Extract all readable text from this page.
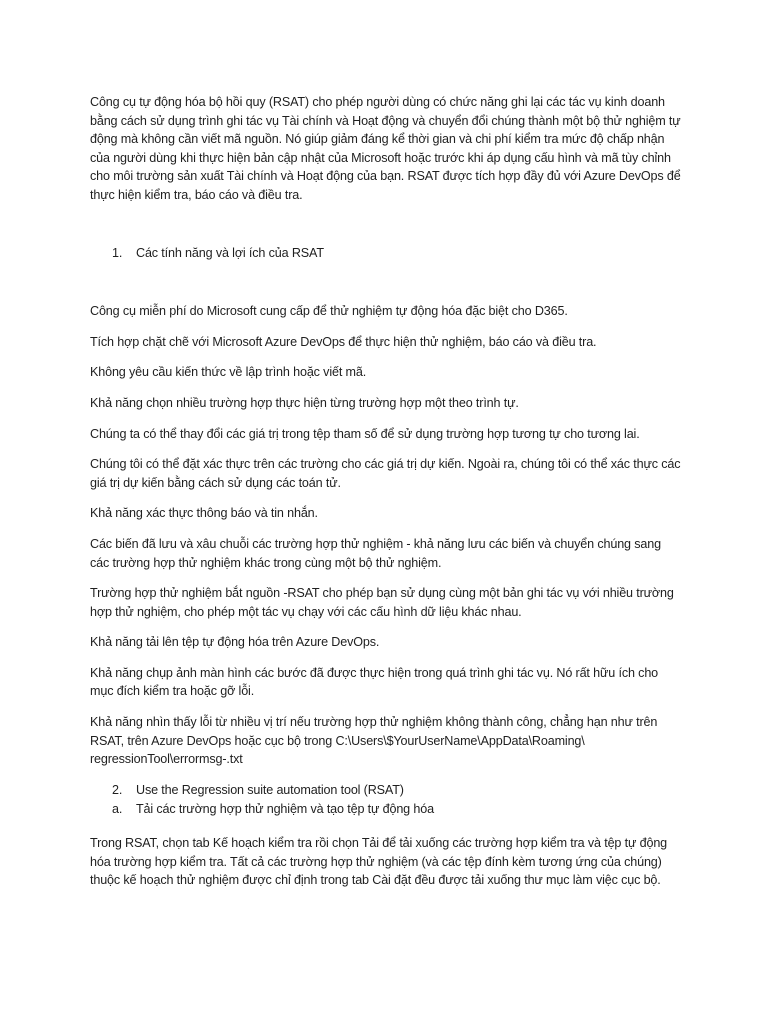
Công cụ tự động hóa bộ hồi quy (RSAT) cho phép người dùng có chức năng ghi lại các tác vụ kinh doanh bằng cách sử dụng trình ghi tác vụ Tài chính và Hoạt động và chuyển đổi chúng thành một bộ thử nghiệm tự động mà không cần viết mã nguồn. Nó giúp giảm đáng kể thời gian và chi phí kiểm tra mức độ chấp nhận của người dùng khi thực hiện bản cập nhật của Microsoft hoặc trước khi áp dụng cấu hình và mã tùy chỉnh cho môi trường sản xuất Tài chính và Hoạt động của bạn. RSAT được tích hợp đầy đủ với Azure DevOps để thực hiện kiểm tra, báo cáo và điều tra.

1. Các tính năng và lợi ích của RSAT

Công cụ miễn phí do Microsoft cung cấp để thử nghiệm tự động hóa đặc biệt cho D365.

Tích hợp chặt chẽ với Microsoft Azure DevOps để thực hiện thử nghiệm, báo cáo và điều tra.

Không yêu cầu kiến thức về lập trình hoặc viết mã.

Khả năng chọn nhiều trường hợp thực hiện từng trường hợp một theo trình tự.

Chúng ta có thể thay đổi các giá trị trong tệp tham số để sử dụng trường hợp tương tự cho tương lai.

Chúng tôi có thể đặt xác thực trên các trường cho các giá trị dự kiến. Ngoài ra, chúng tôi có thể xác thực các giá trị dự kiến bằng cách sử dụng các toán tử.

Khả năng xác thực thông báo và tin nhắn.

Các biến đã lưu và xâu chuỗi các trường hợp thử nghiệm - khả năng lưu các biến và chuyển chúng sang các trường hợp thử nghiệm khác trong cùng một bộ thử nghiệm.

Trường hợp thử nghiệm bắt nguồn -RSAT cho phép bạn sử dụng cùng một bản ghi tác vụ với nhiều trường hợp thử nghiệm, cho phép một tác vụ chạy với các cấu hình dữ liệu khác nhau.

Khả năng tải lên tệp tự động hóa trên Azure DevOps.

Khả năng chụp ảnh màn hình các bước đã được thực hiện trong quá trình ghi tác vụ. Nó rất hữu ích cho mục đích kiểm tra hoặc gỡ lỗi.

Khả năng nhìn thấy lỗi từ nhiều vị trí nếu trường hợp thử nghiệm không thành công, chẳng hạn như trên RSAT, trên Azure DevOps hoặc cục bộ trong C:\Users\$YourUserName\AppData\Roaming\ regressionTool\errormsg-.txt

2. Use the Regression suite automation tool (RSAT)
a. Tải các trường hợp thử nghiệm và tạo tệp tự động hóa

Trong RSAT, chọn tab Kế hoạch kiểm tra rồi chọn Tải để tải xuống các trường hợp kiểm tra và tệp tự động hóa trường hợp kiểm tra. Tất cả các trường hợp thử nghiệm (và các tệp đính kèm tương ứng của chúng) thuộc kế hoạch thử nghiệm được chỉ định trong tab Cài đặt đều được tải xuống thư mục làm việc cục bộ.
